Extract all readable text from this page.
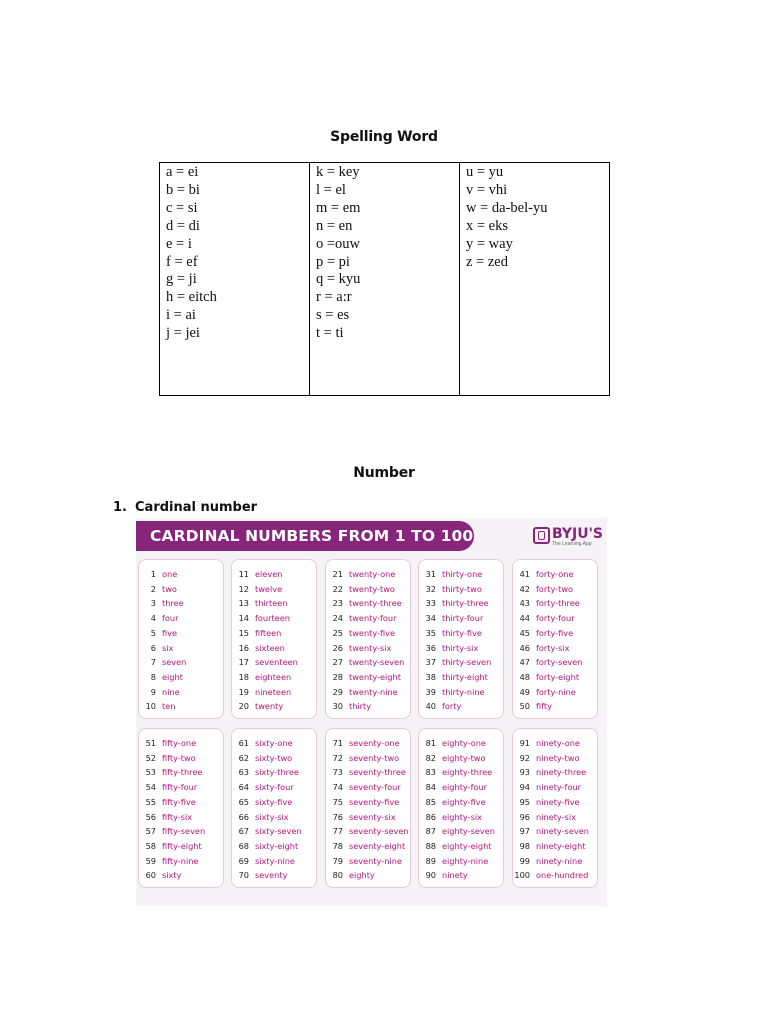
Spelling Word
a = ei
b = bi
c = si
d = di
e = i
f = ef
g = ji
h = eitch
i = ai
j = jei
k = key
l = el
m = em
n = en
o =ouw
p = pi
q = kyu
r = a:r
s = es
t = ti
u = yu
v = vhi
w = da-bel-yu
x = eks
y = way
z = zed
Number
1. Cardinal number
CARDINAL NUMBERS FROM 1 TO 100	BYJU'S
The Learning App
1 one
2 two
3 three
4 four
5 five
6 six
7 seven
8 eight
9 nine
10 ten
11 eleven
12 twelve
13 thirteen
14 fourteen
15 fifteen
16 sixteen
17 seventeen
18 eighteen
19 nineteen
20 twenty
21 twenty-one
22 twenty-two
23 twenty-three
24 twenty-four
25 twenty-five
26 twenty-six
27 twenty-seven
28 twenty-eight
29 twenty-nine
30 thirty
31 thirty-one
32 thirty-two
33 thirty-three
34 thirty-four
35 thirty-five
36 thirty-six
37 thirty-seven
38 thirty-eight
39 thirty-nine
40 forty
41 forty-one
42 forty-two
43 forty-three
44 forty-four
45 forty-five
46 forty-six
47 forty-seven
48 forty-eight
49 forty-nine
50 fifty
51 fifty-one
52 fifty-two
53 fifty-three
54 fifty-four
55 fifty-five
56 fifty-six
57 fifty-seven
58 fifty-eight
59 fifty-nine
60 sixty
61 sixty-one
62 sixty-two
63 sixty-three
64 sixty-four
65 sixty-five
66 sixty-six
67 sixty-seven
68 sixty-eight
69 sixty-nine
70 seventy
71 seventy-one
72 seventy-two
73 seventy-three
74 seventy-four
75 seventy-five
76 seventy-six
77 seventy-seven
78 seventy-eight
79 seventy-nine
80 eighty
81 eighty-one
82 eighty-two
83 eighty-three
84 eighty-four
85 eighty-five
86 eighty-six
87 eighty-seven
88 eighty-eight
89 eighty-nine
90 ninety
91 ninety-one
92 ninety-two
93 ninety-three
94 ninety-four
95 ninety-five
96 ninety-six
97 ninety-seven
98 ninety-eight
99 ninety-nine
100 one-hundred
